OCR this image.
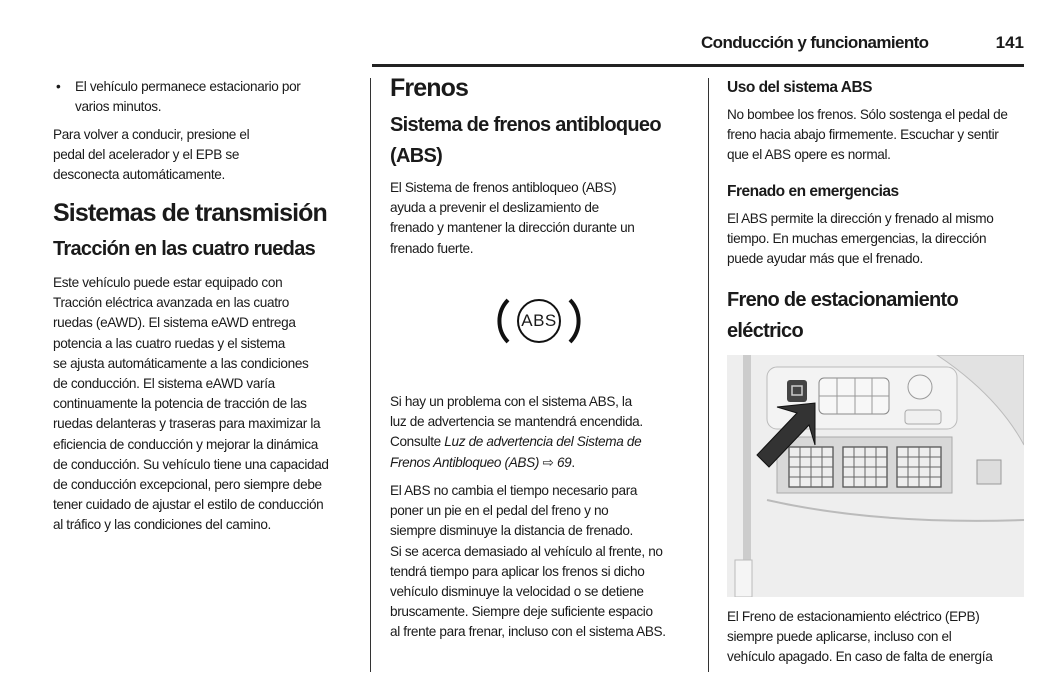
Conducción y funcionamiento	141
• El vehículo permanece estacionario por
varios minutos.
Para volver a conducir, presione el
pedal del acelerador y el EPB se
desconecta automáticamente.
Sistemas de transmisión
Tracción en las cuatro ruedas
Este vehículo puede estar equipado con
Tracción eléctrica avanzada en las cuatro
ruedas (eAWD). El sistema eAWD entrega
potencia a las cuatro ruedas y el sistema
se ajusta automáticamente a las condiciones
de conducción. El sistema eAWD varía
continuamente la potencia de tracción de las
ruedas delanteras y traseras para maximizar la
eficiencia de conducción y mejorar la dinámica
de conducción. Su vehículo tiene una capacidad
de conducción excepcional, pero siempre debe
tener cuidado de ajustar el estilo de conducción
al tráfico y las condiciones del camino.
Frenos
Sistema de frenos antibloqueo
(ABS)
El Sistema de frenos antibloqueo (ABS)
ayuda a prevenir el deslizamiento de
frenado y mantener la dirección durante un
frenado fuerte.
ABS
Si hay un problema con el sistema ABS, la
luz de advertencia se mantendrá encendida.
Consulte Luz de advertencia del Sistema de
Frenos Antibloqueo (ABS) ⇨ 69.
El ABS no cambia el tiempo necesario para
poner un pie en el pedal del freno y no
siempre disminuye la distancia de frenado.
Si se acerca demasiado al vehículo al frente, no
tendrá tiempo para aplicar los frenos si dicho
vehículo disminuye la velocidad o se detiene
bruscamente. Siempre deje suficiente espacio
al frente para frenar, incluso con el sistema ABS.
Uso del sistema ABS
No bombee los frenos. Sólo sostenga el pedal de
freno hacia abajo firmemente. Escuchar y sentir
que el ABS opere es normal.
Frenado en emergencias
El ABS permite la dirección y frenado al mismo
tiempo. En muchas emergencias, la dirección
puede ayudar más que el frenado.
Freno de estacionamiento
eléctrico
El Freno de estacionamiento eléctrico (EPB)
siempre puede aplicarse, incluso con el
vehículo apagado. En caso de falta de energía
